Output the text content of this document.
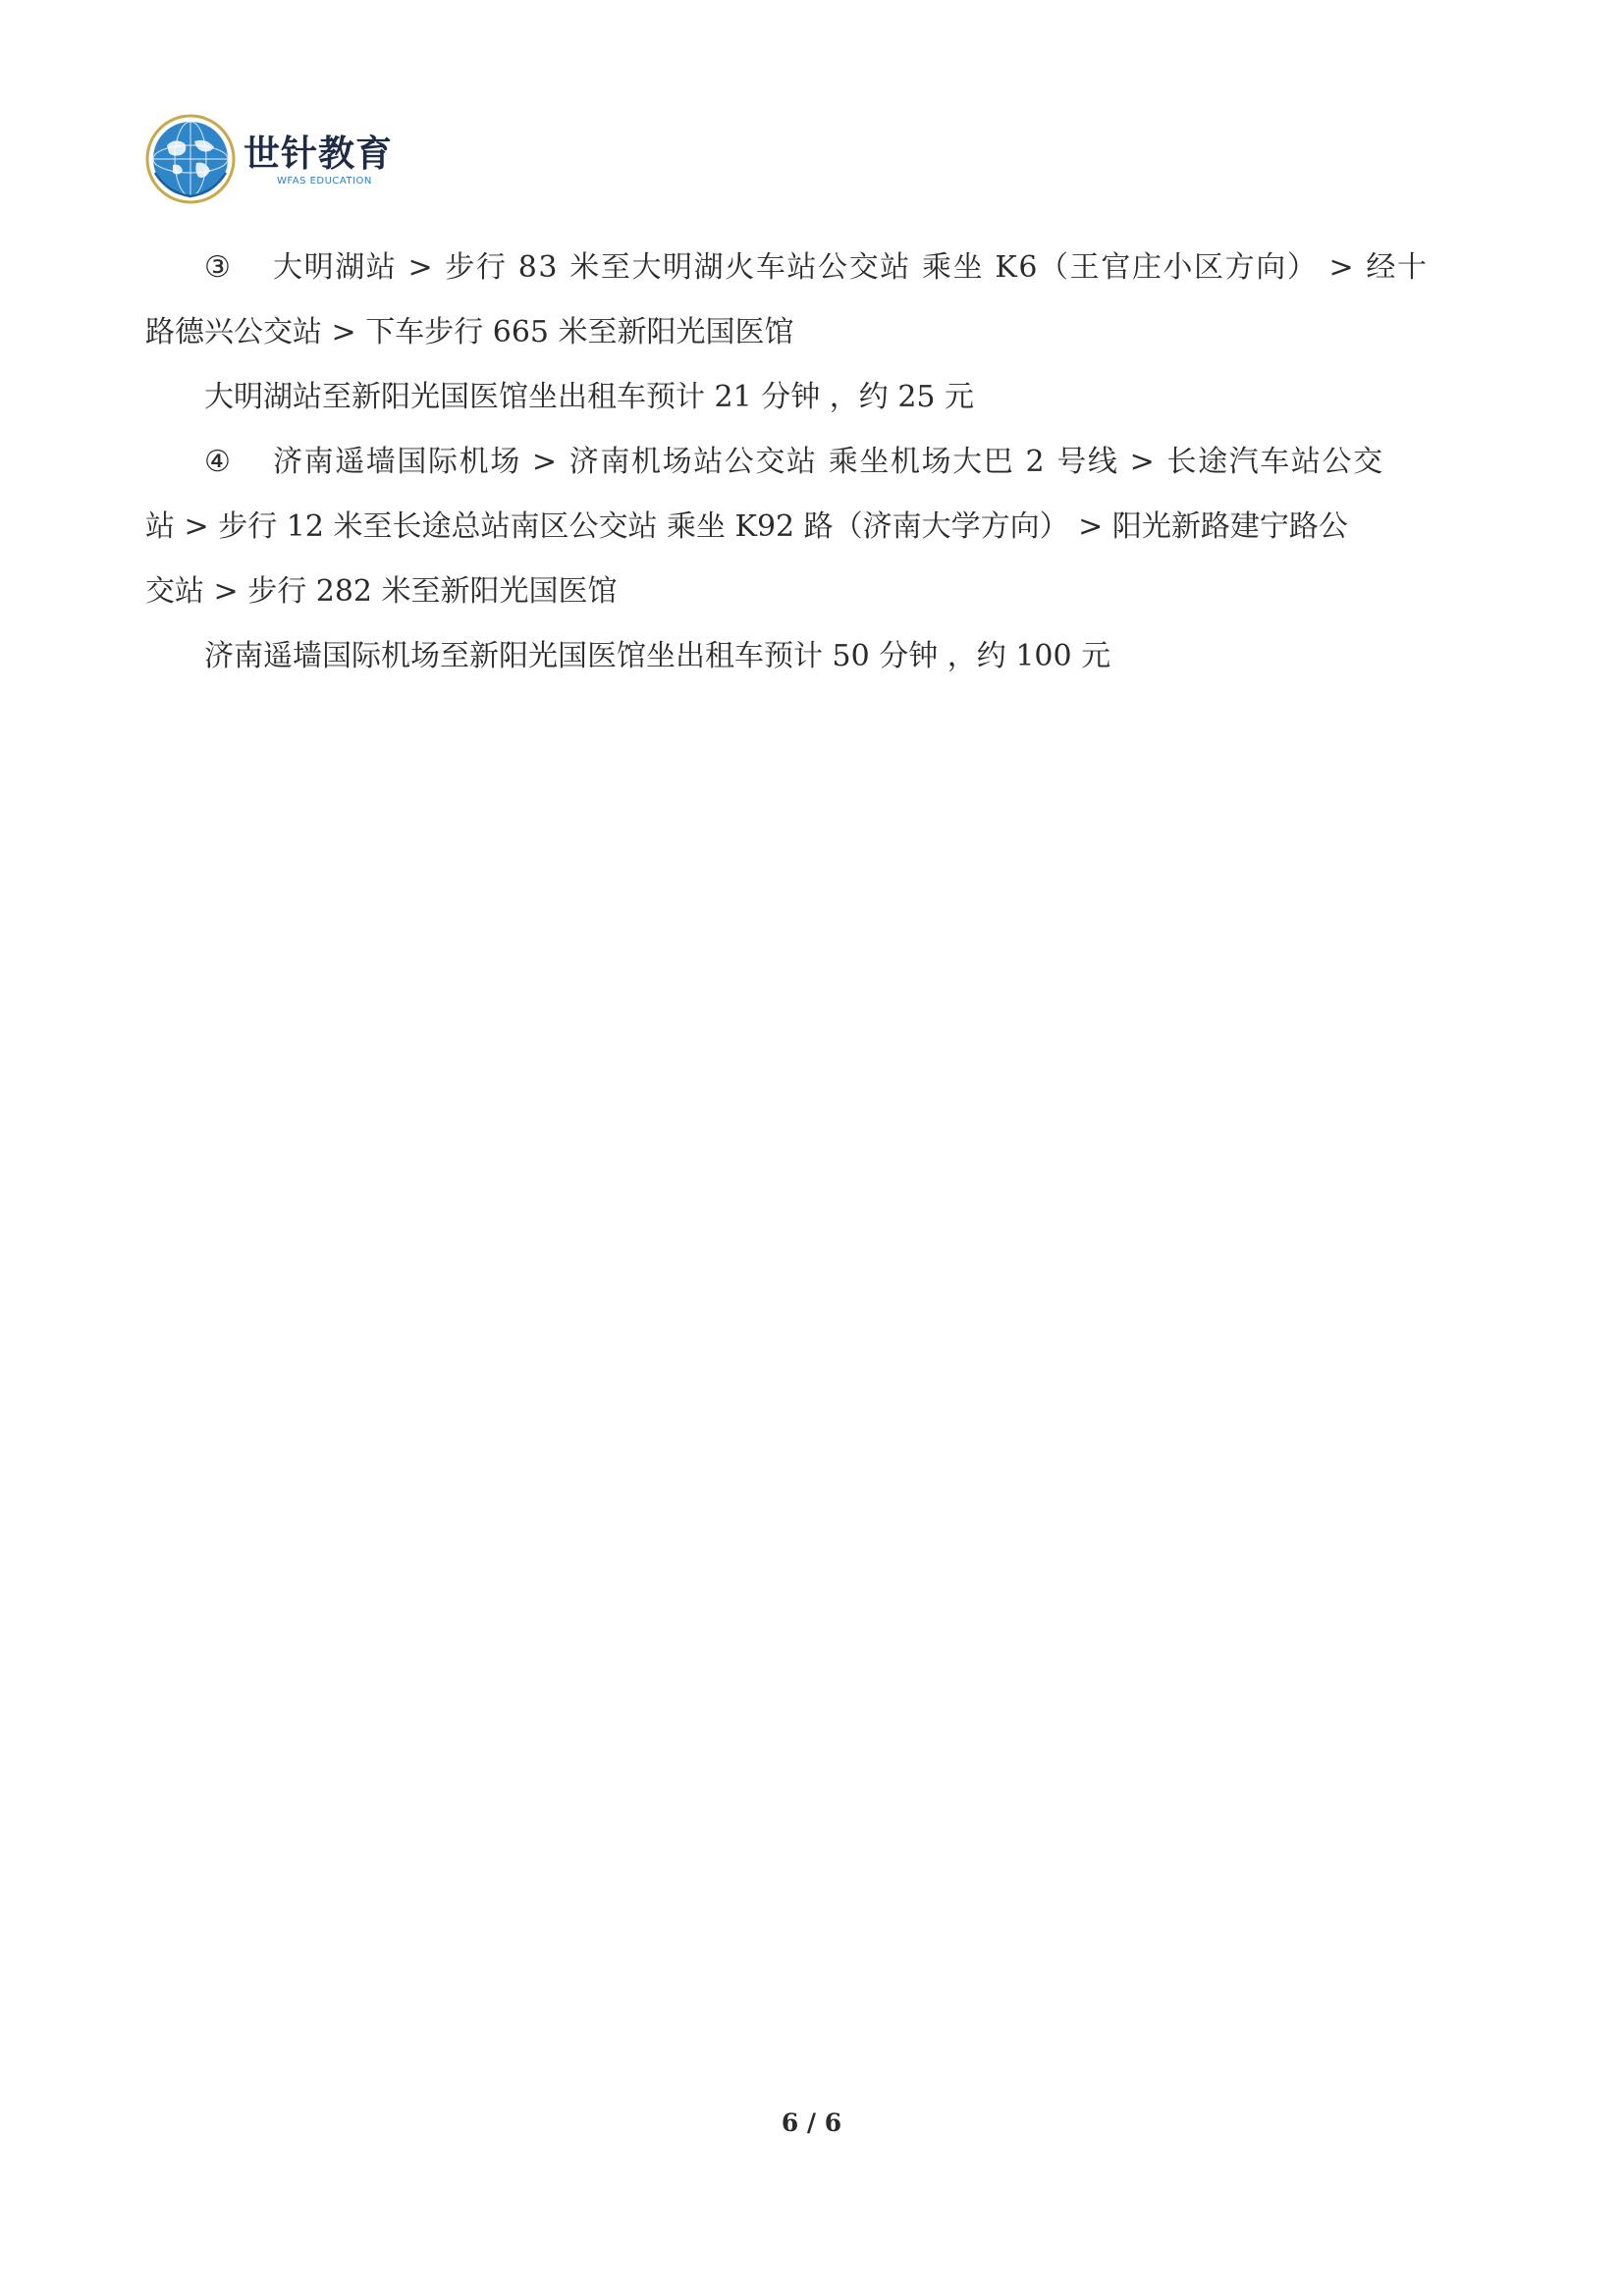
世针教育
WFAS EDUCATION

③ 大明湖站 > 步行 83 米至大明湖火车站公交站 乘坐 K6（王官庄小区方向） > 经十

路德兴公交站 > 下车步行 665 米至新阳光国医馆

大明湖站至新阳光国医馆坐出租车预计 21 分钟 ，约 25 元

④ 济南遥墙国际机场 > 济南机场站公交站 乘坐机场大巴 2 号线 > 长途汽车站公交

站 > 步行 12 米至长途总站南区公交站 乘坐 K92 路（济南大学方向） > 阳光新路建宁路公

交站 > 步行 282 米至新阳光国医馆

济南遥墙国际机场至新阳光国医馆坐出租车预计 50 分钟 ，约 100 元

6 / 6
